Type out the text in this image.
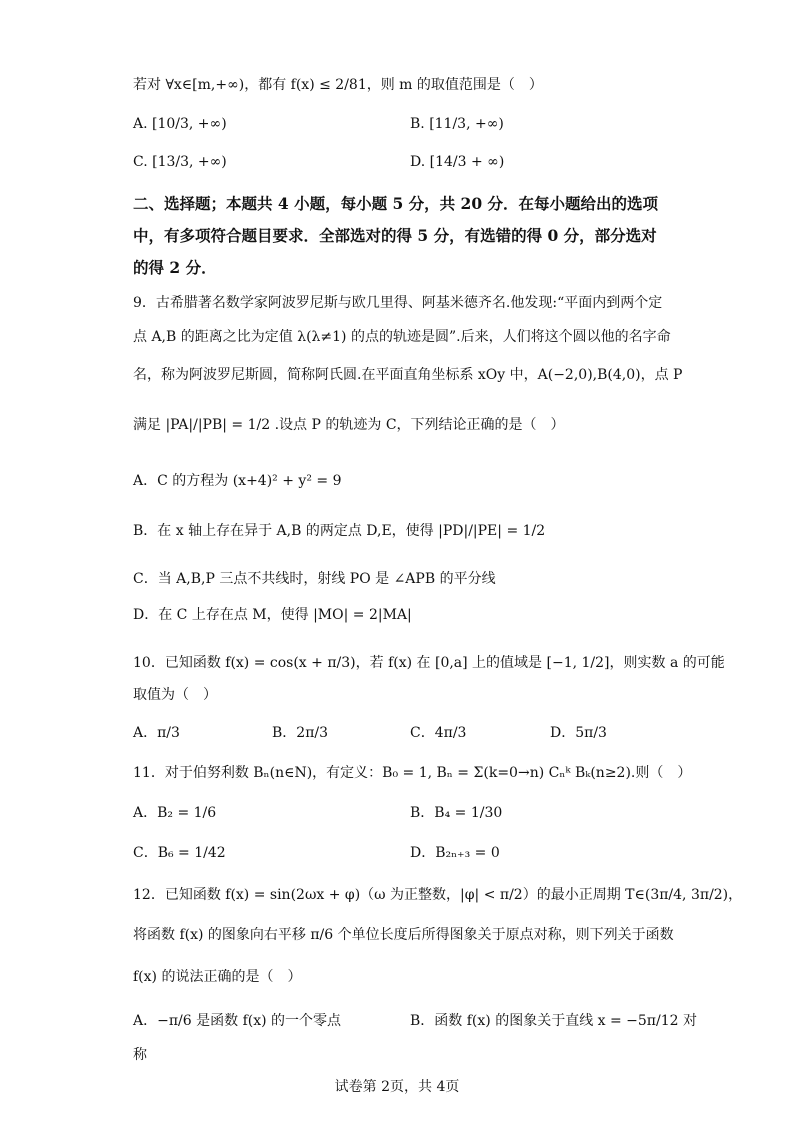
若对 ∀x∈[m,+∞)，都有 f(x) ≤ 2/81，则 m 的取值范围是（　）
A. [10/3, +∞)	B. [11/3, +∞)
C. [13/3, +∞)	D. [14/3 + ∞)
二、选择题；本题共 4 小题，每小题 5 分，共 20 分．在每小题给出的选项
中，有多项符合题目要求．全部选对的得 5 分，有选错的得 0 分，部分选对
的得 2 分．
9．古希腊著名数学家阿波罗尼斯与欧几里得、阿基米德齐名.他发现:“平面内到两个定
点 A,B 的距离之比为定值 λ(λ≠1) 的点的轨迹是圆”.后来，人们将这个圆以他的名字命
名，称为阿波罗尼斯圆，简称阿氏圆.在平面直角坐标系 xOy 中，A(−2,0),B(4,0)，点 P
满足 |PA|/|PB| = 1/2 .设点 P 的轨迹为 C，下列结论正确的是（　）
A．C 的方程为 (x+4)² + y² = 9
B．在 x 轴上存在异于 A,B 的两定点 D,E，使得 |PD|/|PE| = 1/2
C．当 A,B,P 三点不共线时，射线 PO 是 ∠APB 的平分线
D．在 C 上存在点 M，使得 |MO| = 2|MA|
10．已知函数 f(x) = cos(x + π/3)，若 f(x) 在 [0,a] 上的值域是 [−1, 1/2]，则实数 a 的可能
取值为（　）
A．π/3	B．2π/3	C．4π/3	D．5π/3
11．对于伯努利数 Bₙ(n∈N)，有定义：B₀ = 1, Bₙ = Σ(k=0→n) Cₙᵏ Bₖ(n≥2).则（　）
A．B₂ = 1/6	B．B₄ = 1/30
C．B₆ = 1/42	D．B₂ₙ₊₃ = 0
12．已知函数 f(x) = sin(2ωx + φ)（ω 为正整数，|φ| < π/2）的最小正周期 T∈(3π/4, 3π/2)，
将函数 f(x) 的图象向右平移 π/6 个单位长度后所得图象关于原点对称，则下列关于函数
f(x) 的说法正确的是（　）
A．−π/6 是函数 f(x) 的一个零点	B．函数 f(x) 的图象关于直线 x = −5π/12 对
称
试卷第 2页，共 4页
